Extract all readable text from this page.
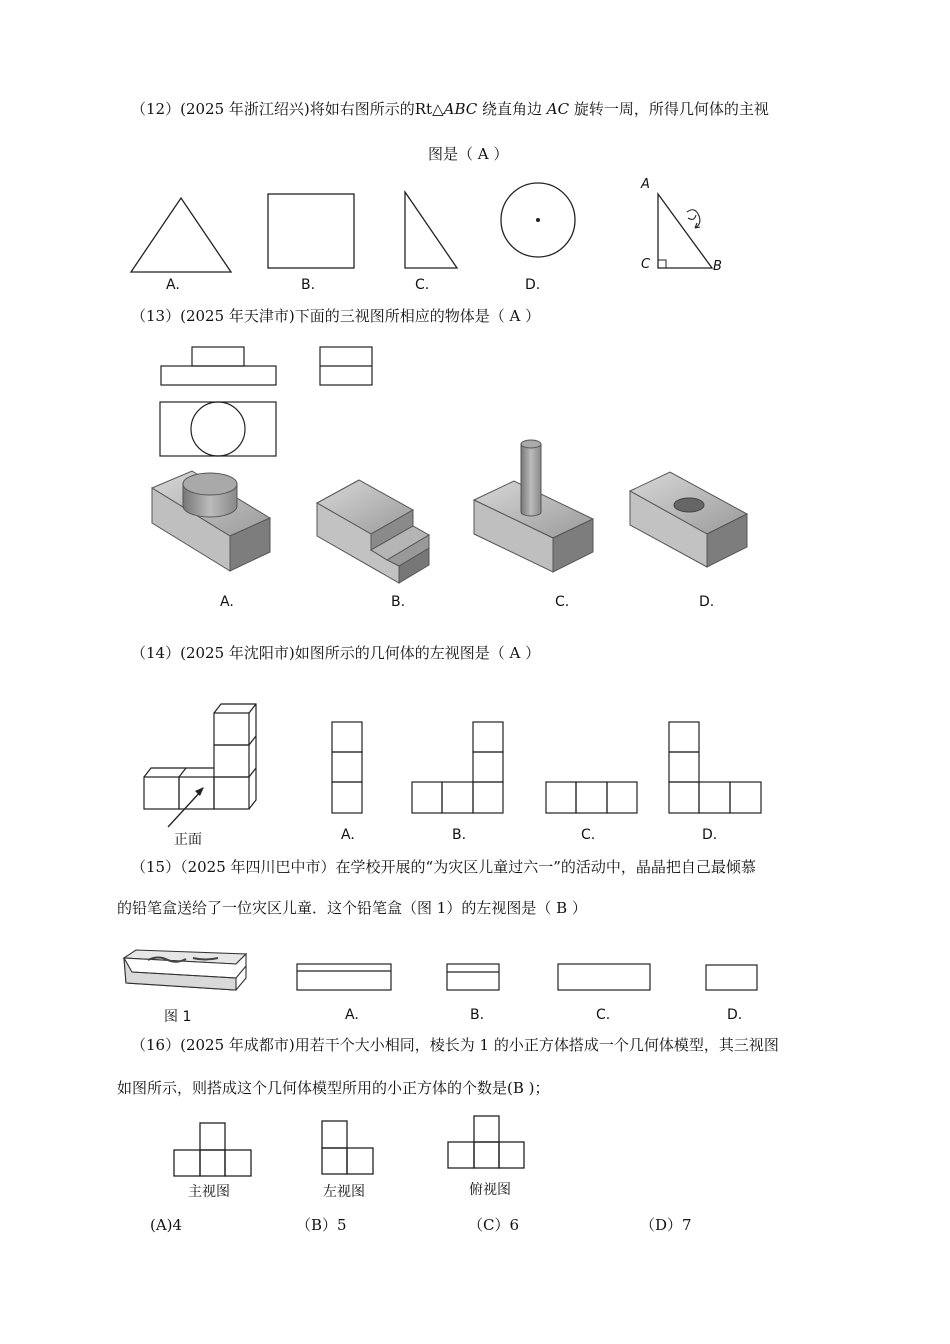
（12）(2025 年浙江绍兴)将如右图所示的Rt△ABC 绕直角边 AC 旋转一周，所得几何体的主视
图是（ A ）
A.	B.	C.	D.
A
C	B
（13）(2025 年天津市)下面的三视图所相应的物体是（ A ）
A.	B.	C.	D.
（14）(2025 年沈阳市)如图所示的几何体的左视图是（ A ）
正面	A.	B.	C.	D.
（15）（2025 年四川巴中市）在学校开展的“为灾区儿童过六一”的活动中，晶晶把自己最倾慕
的铅笔盒送给了一位灾区儿童．这个铅笔盒（图 1）的左视图是（ B ）
图 1	A.	B.	C.	D.
（16）(2025 年成都市)用若干个大小相同，棱长为 1 的小正方体搭成一个几何体模型，其三视图
如图所示，则搭成这个几何体模型所用的小正方体的个数是(B )；
主视图	左视图	俯视图
(A)4	（B）5	（C）6	（D）7
